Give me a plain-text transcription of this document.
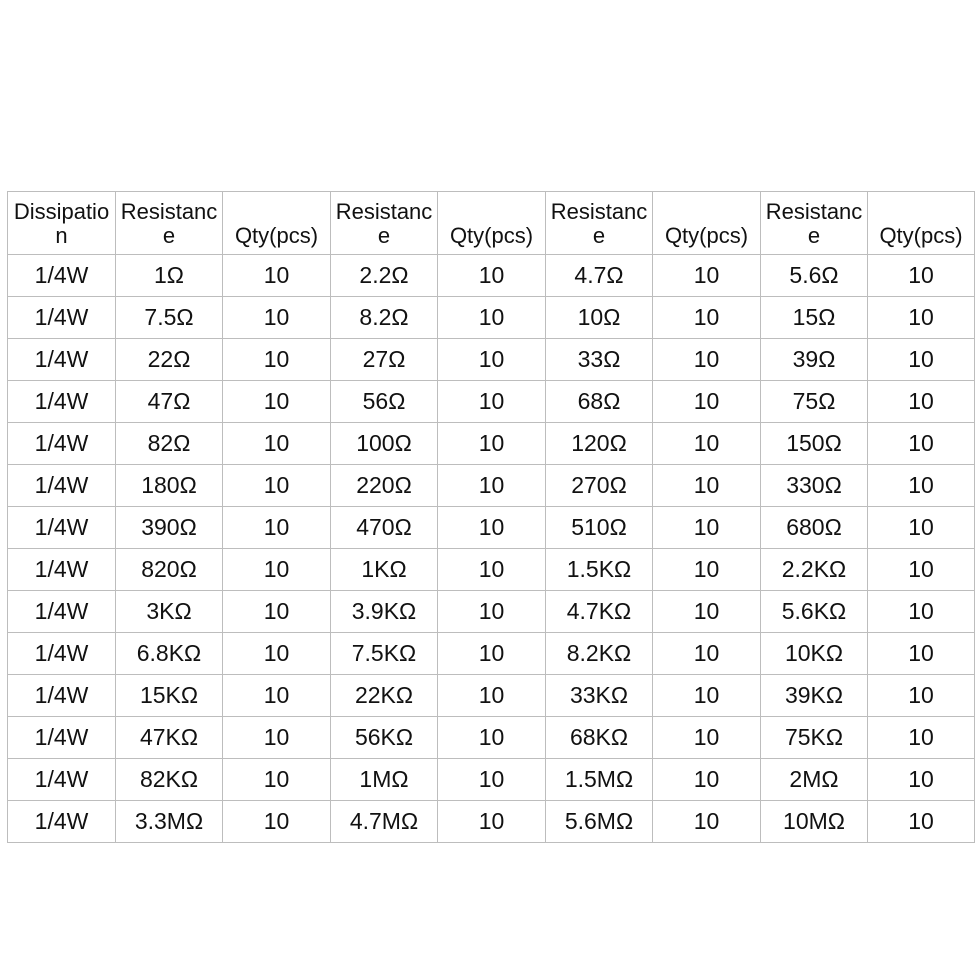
Dissipation	Resistance	Qty(pcs)	Resistance	Qty(pcs)	Resistance	Qty(pcs)	Resistance	Qty(pcs)
1/4W	1Ω	10	2.2Ω	10	4.7Ω	10	5.6Ω	10
1/4W	7.5Ω	10	8.2Ω	10	10Ω	10	15Ω	10
1/4W	22Ω	10	27Ω	10	33Ω	10	39Ω	10
1/4W	47Ω	10	56Ω	10	68Ω	10	75Ω	10
1/4W	82Ω	10	100Ω	10	120Ω	10	150Ω	10
1/4W	180Ω	10	220Ω	10	270Ω	10	330Ω	10
1/4W	390Ω	10	470Ω	10	510Ω	10	680Ω	10
1/4W	820Ω	10	1KΩ	10	1.5KΩ	10	2.2KΩ	10
1/4W	3KΩ	10	3.9KΩ	10	4.7KΩ	10	5.6KΩ	10
1/4W	6.8KΩ	10	7.5KΩ	10	8.2KΩ	10	10KΩ	10
1/4W	15KΩ	10	22KΩ	10	33KΩ	10	39KΩ	10
1/4W	47KΩ	10	56KΩ	10	68KΩ	10	75KΩ	10
1/4W	82KΩ	10	1MΩ	10	1.5MΩ	10	2MΩ	10
1/4W	3.3MΩ	10	4.7MΩ	10	5.6MΩ	10	10MΩ	10
